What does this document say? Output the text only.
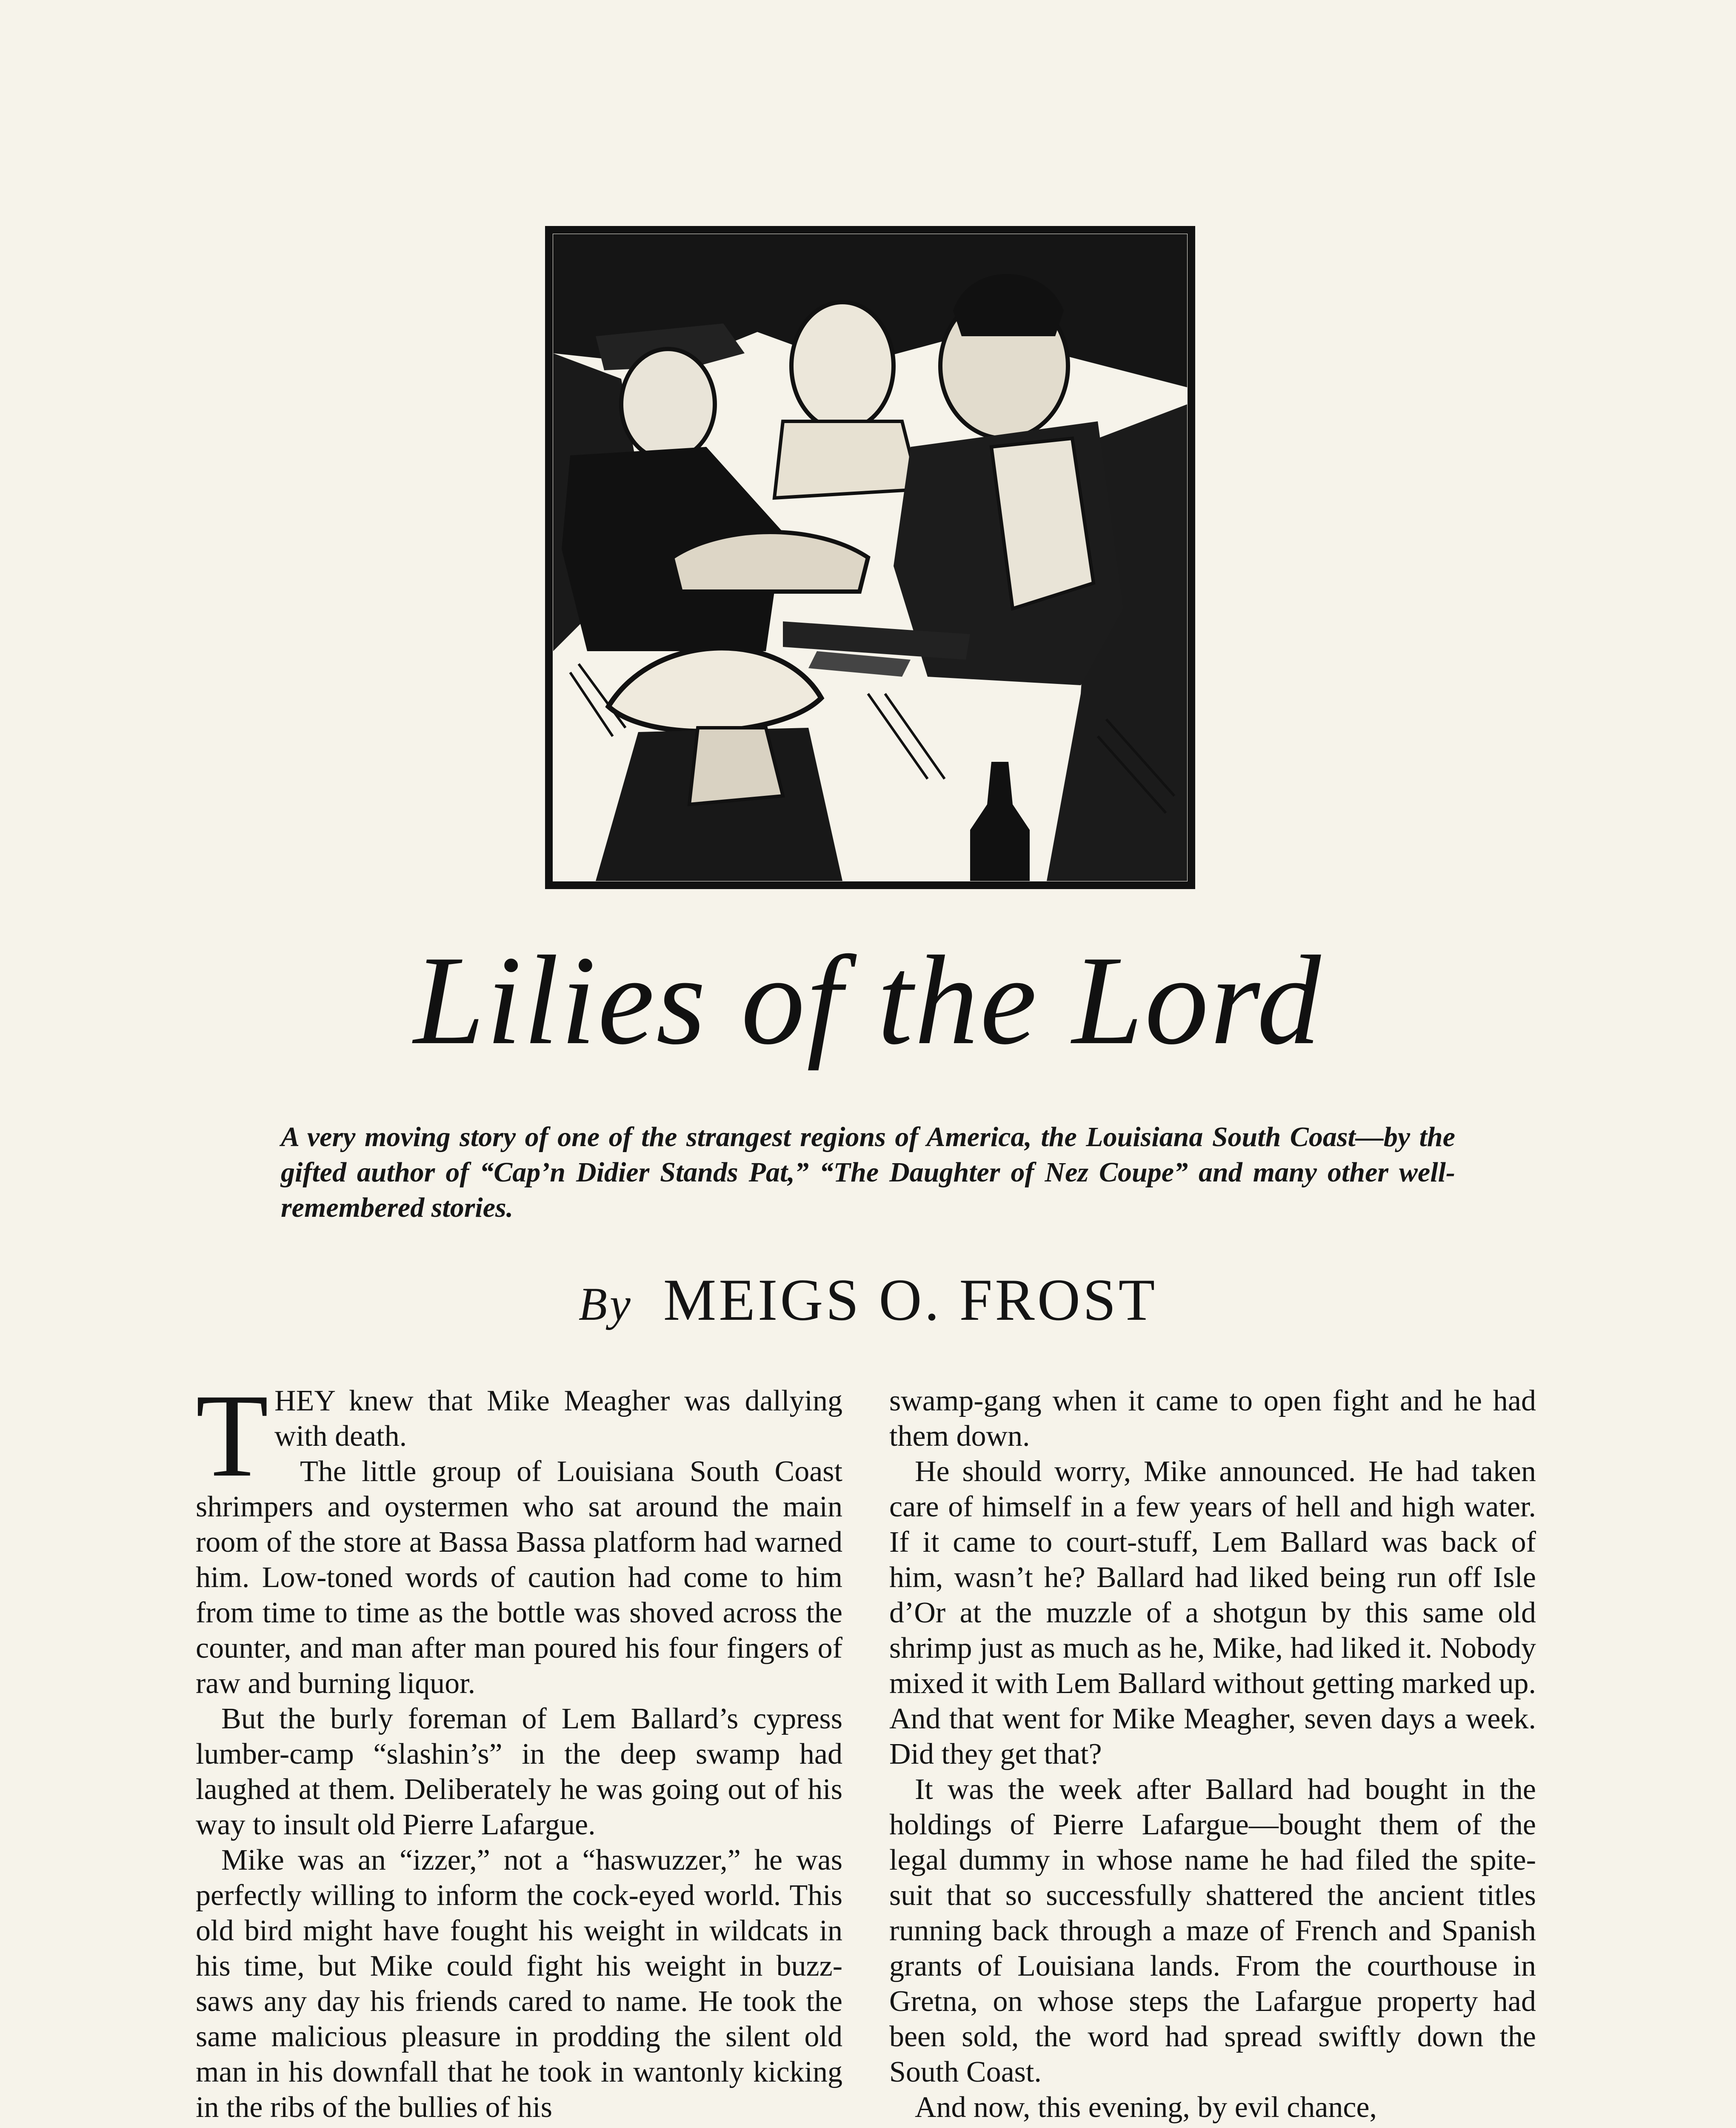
Lilies of the Lord
A very moving story of one of the strangest regions of America, the Louisiana South Coast—by the gifted author of “Cap’n Didier Stands Pat,” “The Daughter of Nez Coupe” and many other well-remembered stories.
By MEIGS O. FROST

THEY knew that Mike Meagher was dallying with death.

The little group of Louisiana South Coast shrimpers and oystermen who sat around the main room of the store at Bassa Bassa platform had warned him. Low-toned words of caution had come to him from time to time as the bottle was shoved across the counter, and man after man poured his four fingers of raw and burning liquor.

But the burly foreman of Lem Ballard’s cypress lumber-camp “slashin’s” in the deep swamp had laughed at them. Deliberately he was going out of his way to insult old Pierre Lafargue.

Mike was an “izzer,” not a “haswuzzer,” he was perfectly willing to inform the cock-eyed world. This old bird might have fought his weight in wildcats in his time, but Mike could fight his weight in buzz-saws any day his friends cared to name. He took the same malicious pleasure in prodding the silent old man in his downfall that he took in wantonly kicking in the ribs of the bullies of his

swamp-gang when it came to open fight and he had them down.

He should worry, Mike announced. He had taken care of himself in a few years of hell and high water. If it came to court-stuff, Lem Ballard was back of him, wasn’t he? Ballard had liked being run off Isle d’Or at the muzzle of a shotgun by this same old shrimp just as much as he, Mike, had liked it. Nobody mixed it with Lem Ballard without getting marked up. And that went for Mike Meagher, seven days a week. Did they get that?

It was the week after Ballard had bought in the holdings of Pierre Lafargue—bought them of the legal dummy in whose name he had filed the spite-suit that so successfully shattered the ancient titles running back through a maze of French and Spanish grants of Louisiana lands. From the courthouse in Gretna, on whose steps the Lafargue property had been sold, the word had spread swiftly down the South Coast.

And now, this evening, by evil chance,
